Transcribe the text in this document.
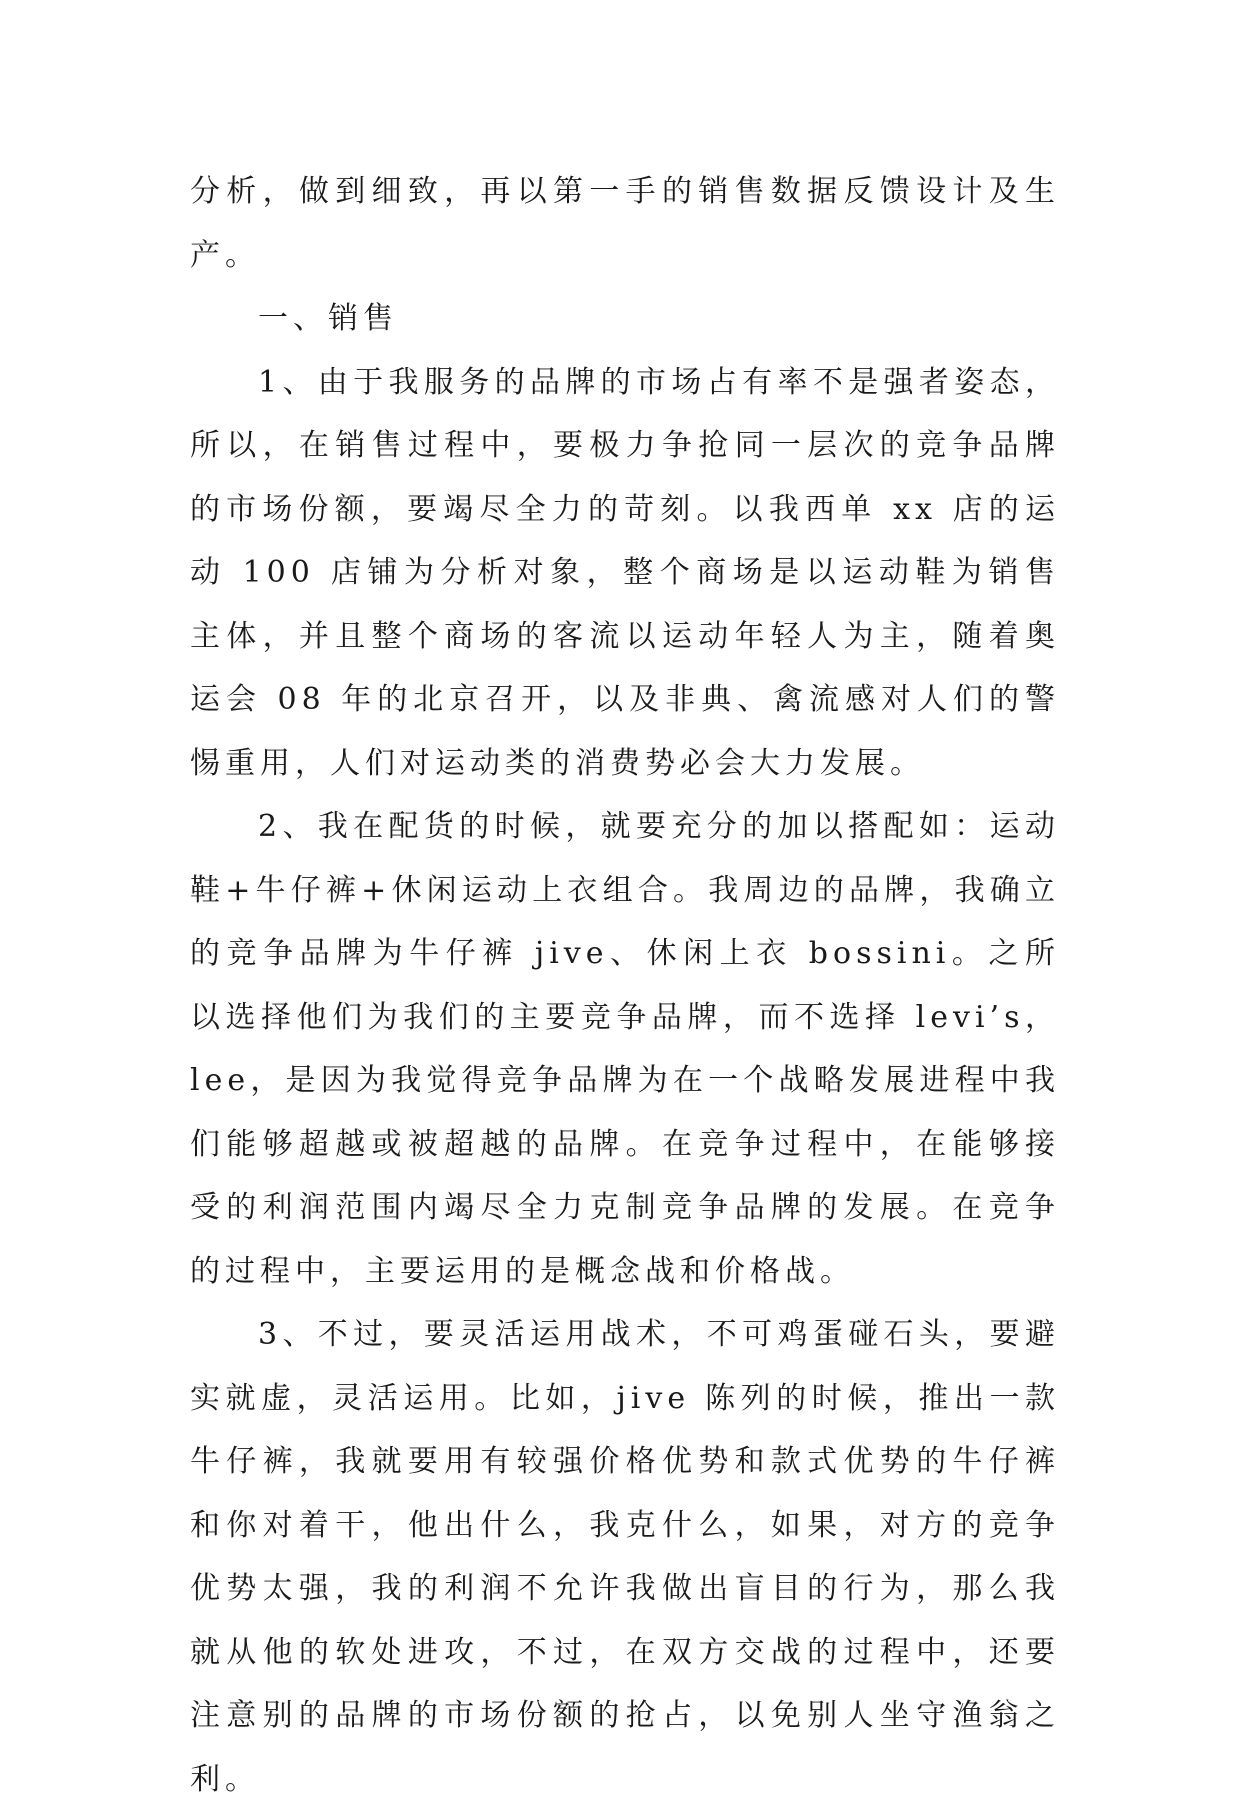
分析，做到细致，再以第一手的销售数据反馈设计及生产。

一、销售

1、由于我服务的品牌的市场占有率不是强者姿态，所以，在销售过程中，要极力争抢同一层次的竞争品牌的市场份额，要竭尽全力的苛刻。以我西单 xx 店的运动 100 店铺为分析对象，整个商场是以运动鞋为销售主体，并且整个商场的客流以运动年轻人为主，随着奥运会 08 年的北京召开，以及非典、禽流感对人们的警惕重用，人们对运动类的消费势必会大力发展。

2、我在配货的时候，就要充分的加以搭配如：运动鞋+牛仔裤+休闲运动上衣组合。我周边的品牌，我确立的竞争品牌为牛仔裤 jive、休闲上衣 bossini。之所以选择他们为我们的主要竞争品牌，而不选择 levi’s，lee，是因为我觉得竞争品牌为在一个战略发展进程中我们能够超越或被超越的品牌。在竞争过程中，在能够接受的利润范围内竭尽全力克制竞争品牌的发展。在竞争的过程中，主要运用的是概念战和价格战。

3、不过，要灵活运用战术，不可鸡蛋碰石头，要避实就虚，灵活运用。比如，jive 陈列的时候，推出一款牛仔裤，我就要用有较强价格优势和款式优势的牛仔裤和你对着干，他出什么，我克什么，如果，对方的竞争优势太强，我的利润不允许我做出盲目的行为，那么我就从他的软处进攻，不过，在双方交战的过程中，还要注意别的品牌的市场份额的抢占，以免别人坐守渔翁之利。
